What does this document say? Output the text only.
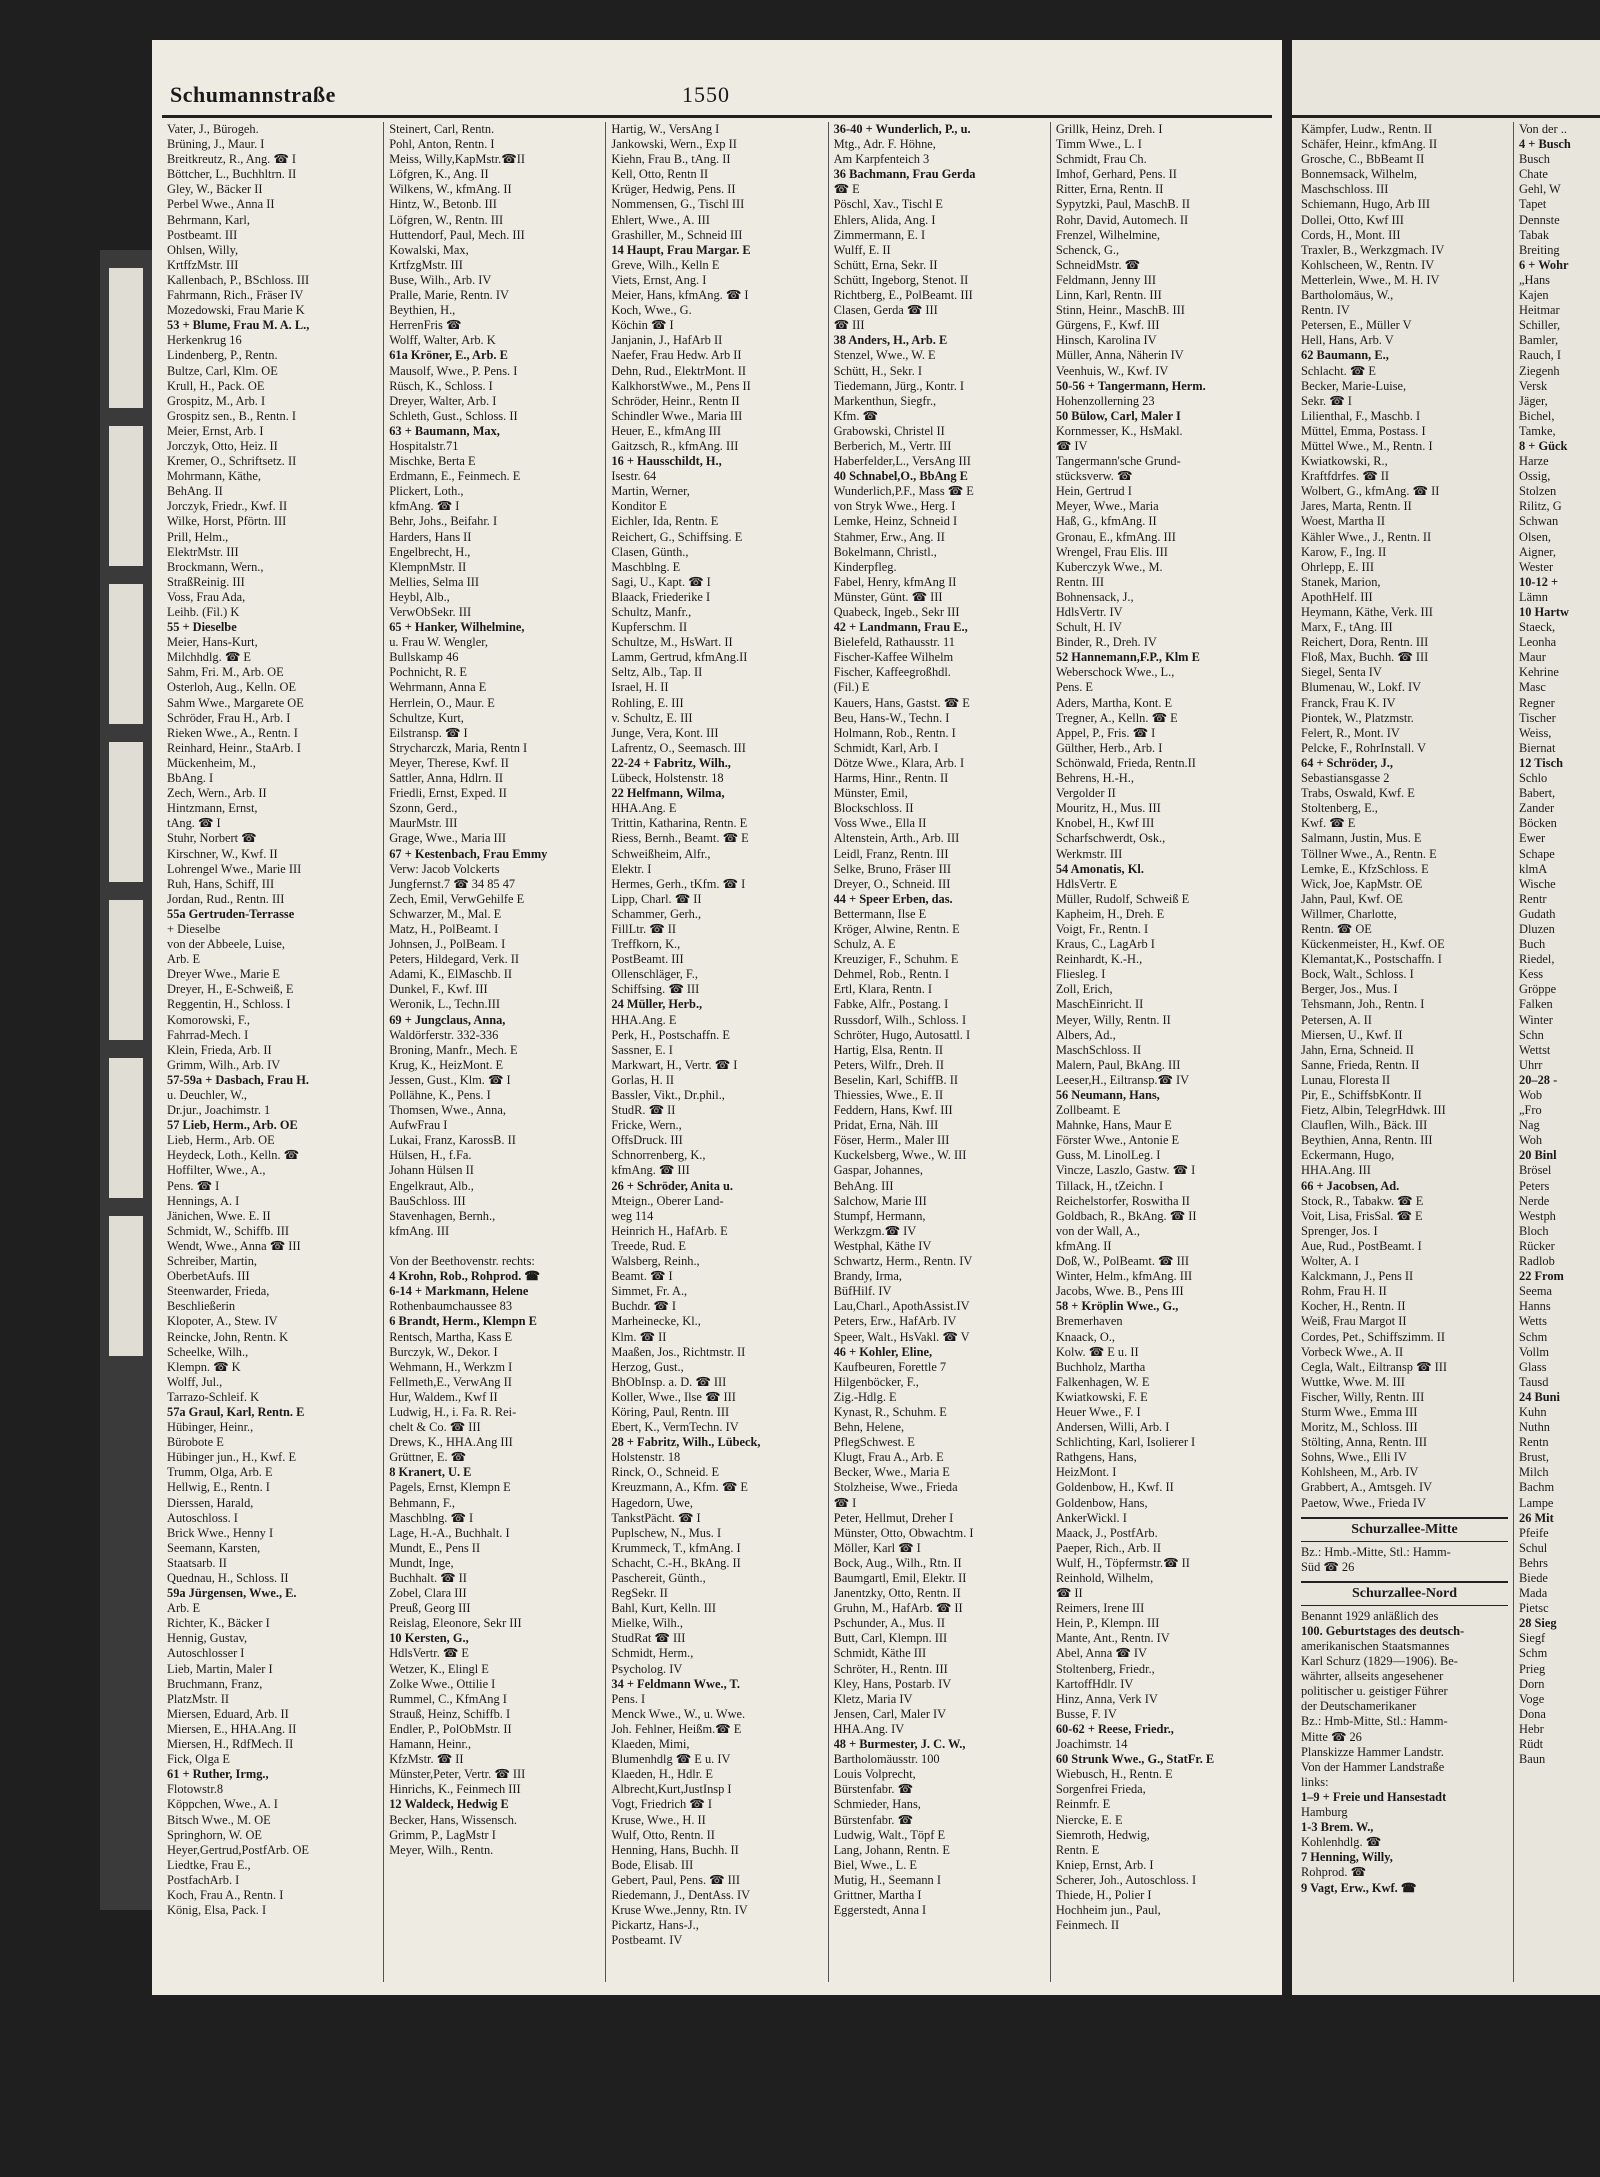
Schumannstraße	1550
Vater, J., Bürogeh.
Brüning, J., Maur. I
Breitkreutz, R., Ang. ☎ I
Böttcher, L., Buchhltrn. II
Gley, W., Bäcker II
Perbel Wwe., Anna II
Behrmann, Karl,
Postbeamt. III
Ohlsen, Willy,
KrtffzMstr. III
Kallenbach, P., BSchloss. III
Fahrmann, Rich., Fräser IV
Mozedowski, Frau Marie K
53 + Blume, Frau M. A. L.,
Herkenkrug 16
Lindenberg, P., Rentn.
Bultze, Carl, Klm. OE
Krull, H., Pack. OE
Grospitz, M., Arb. I
Grospitz sen., B., Rentn. I
Meier, Ernst, Arb. I
Jorczyk, Otto, Heiz. II
Kremer, O., Schriftsetz. II
Mohrmann, Käthe,
BehAng. II
Jorczyk, Friedr., Kwf. II
Wilke, Horst, Pförtn. III
Prill, Helm.,
ElektrMstr. III
Brockmann, Wern.,
StraßReinig. III
Voss, Frau Ada,
Leihb. (Fil.) K
55 + Dieselbe
Meier, Hans-Kurt,
Milchhdlg. ☎ E
Sahm, Fri. M., Arb. OE
Osterloh, Aug., Kelln. OE
Sahm Wwe., Margarete OE
Schröder, Frau H., Arb. I
Rieken Wwe., A., Rentn. I
Reinhard, Heinr., StaArb. I
Mückenheim, M.,
BbAng. I
Zech, Wern., Arb. II
Hintzmann, Ernst,
tAng. ☎ I
Stuhr, Norbert ☎
Kirschner, W., Kwf. II
Lohrengel Wwe., Marie III
Ruh, Hans, Schiff, III
Jordan, Rud., Rentn. III
55a Gertruden-Terrasse
+ Dieselbe
von der Abbeele, Luise,
Arb. E
Dreyer Wwe., Marie E
Dreyer, H., E-Schweiß, E
Reggentin, H., Schloss. I
Komorowski, F.,
Fahrrad-Mech. I
Klein, Frieda, Arb. II
Grimm, Wilh., Arb. IV
57-59a + Dasbach, Frau H.
u. Deuchler, W.,
Dr.jur., Joachimstr. 1
57 Lieb, Herm., Arb. OE
Lieb, Herm., Arb. OE
Heydeck, Loth., Kelln. ☎
Hoffilter, Wwe., A.,
Pens. ☎ I
Hennings, A. I
Jänichen, Wwe. E. II
Schmidt, W., Schiffb. III
Wendt, Wwe., Anna ☎ III
Schreiber, Martin,
OberbetAufs. III
Steenwarder, Frieda,
Beschließerin
Klopoter, A., Stew. IV
Reincke, John, Rentn. K
Scheelke, Wilh.,
Klempn. ☎ K
Wolff, Jul.,
Tarrazo-Schleif. K
57a Graul, Karl, Rentn. E
Hübinger, Heinr.,
Bürobote E
Hübinger jun., H., Kwf. E
Trumm, Olga, Arb. E
Hellwig, E., Rentn. I
Dierssen, Harald,
Autoschloss. I
Brick Wwe., Henny I
Seemann, Karsten,
Staatsarb. II
Quednau, H., Schloss. II
59a Jürgensen, Wwe., E.
Arb. E
Richter, K., Bäcker I
Hennig, Gustav,
Autoschlosser I
Lieb, Martin, Maler I
Bruchmann, Franz,
PlatzMstr. II
Miersen, Eduard, Arb. II
Miersen, E., HHA.Ang. II
Miersen, H., RdfMech. II
Fick, Olga E
61 + Ruther, Irmg.,
Flotowstr.8
Köppchen, Wwe., A. I
Bitsch Wwe., M. OE
Springhorn, W. OE
Heyer,Gertrud,PostfArb. OE
Liedtke, Frau E.,
PostfachArb. I
Koch, Frau A., Rentn. I
König, Elsa, Pack. I
Steinert, Carl, Rentn.
Pohl, Anton, Rentn. I
Meiss, Willy,KapMstr.☎II
Löfgren, K., Ang. II
Wilkens, W., kfmAng. II
Hintz, W., Betonb. III
Löfgren, W., Rentn. III
Huttendorf, Paul, Mech. III
Kowalski, Max,
KrtfzgMstr. III
Buse, Wilh., Arb. IV
Pralle, Marie, Rentn. IV
Beythien, H.,
HerrenFris ☎
Wolff, Walter, Arb. K
61a Kröner, E., Arb. E
Mausolf, Wwe., P. Pens. I
Rüsch, K., Schloss. I
Dreyer, Walter, Arb. I
Schleth, Gust., Schloss. II
63 + Baumann, Max,
Hospitalstr.71
Mischke, Berta E
Erdmann, E., Feinmech. E
Plickert, Loth.,
kfmAng. ☎ I
Behr, Johs., Beifahr. I
Harders, Hans II
Engelbrecht, H.,
KlempnMstr. II
Mellies, Selma III
Heybl, Alb.,
VerwObSekr. III
65 + Hanker, Wilhelmine,
u. Frau W. Wengler,
Bullskamp 46
Pochnicht, R. E
Wehrmann, Anna E
Herrlein, O., Maur. E
Schultze, Kurt,
Eilstransp. ☎ I
Strycharczk, Maria, Rentn I
Meyer, Therese, Kwf. II
Sattler, Anna, Hdlrn. II
Friedli, Ernst, Exped. II
Szonn, Gerd.,
MaurMstr. III
Grage, Wwe., Maria III
67 + Kestenbach, Frau Emmy
Verw: Jacob Volckerts
Jungfernst.7 ☎ 34 85 47
Zech, Emil, VerwGehilfe E
Schwarzer, M., Mal. E
Matz, H., PolBeamt. I
Johnsen, J., PolBeam. I
Peters, Hildegard, Verk. II
Adami, K., ElMaschb. II
Dunkel, F., Kwf. III
Weronik, L., Techn.III
69 + Jungclaus, Anna,
Waldörferstr. 332-336
Broning, Manfr., Mech. E
Krug, K., HeizMont. E
Jessen, Gust., Klm. ☎ I
Pollähne, K., Pens. I
Thomsen, Wwe., Anna,
AufwFrau I
Lukai, Franz, KarossB. II
Hülsen, H., f.Fa.
Johann Hülsen II
Engelkraut, Alb.,
BauSchloss. III
Stavenhagen, Bernh.,
kfmAng. III

Von der Beethovenstr. rechts:
4 Krohn, Rob., Rohprod. ☎
6-14 + Markmann, Helene
Rothenbaumchaussee 83
6 Brandt, Herm., Klempn E
Rentsch, Martha, Kass E
Burczyk, W., Dekor. I
Wehmann, H., Werkzm I
Fellmeth,E., VerwAng II
Hur, Waldem., Kwf II
Ludwig, H., i. Fa. R. Rei-
chelt & Co. ☎ III
Drews, K., HHA.Ang III
Grüttner, E. ☎
8 Kranert, U. E
Pagels, Ernst, Klempn E
Behmann, F.,
Maschblng. ☎ I
Lage, H.-A., Buchhalt. I
Mundt, E., Pens II
Mundt, Inge,
Buchhalt. ☎ II
Zobel, Clara III
Preuß, Georg III
Reislag, Eleonore, Sekr III
10 Kersten, G.,
HdlsVertr. ☎ E
Wetzer, K., Elingl E
Zolke Wwe., Ottilie I
Rummel, C., KfmAng I
Strauß, Heinz, Schiffb. I
Endler, P., PolObMstr. II
Hamann, Heinr.,
KfzMstr. ☎ II
Münster,Peter, Vertr. ☎ III
Hinrichs, K., Feinmech III
12 Waldeck, Hedwig E
Becker, Hans, Wissensch.
Grimm, P., LagMstr I
Meyer, Wilh., Rentn.
Hartig, W., VersAng I
Jankowski, Wern., Exp II
Kiehn, Frau B., tAng. II
Kell, Otto, Rentn II
Krüger, Hedwig, Pens. II
Nommensen, G., Tischl III
Ehlert, Wwe., A. III
Grashiller, M., Schneid III
14 Haupt, Frau Margar. E
Greve, Wilh., Kelln E
Viets, Ernst, Ang. I
Meier, Hans, kfmAng. ☎ I
Koch, Wwe., G.
Köchin ☎ I
Janjanin, J., HafArb II
Naefer, Frau Hedw. Arb II
Dehn, Rud., ElektrMont. II
KalkhorstWwe., M., Pens II
Schröder, Heinr., Rentn II
Schindler Wwe., Maria III
Heuer, E., kfmAng III
Gaitzsch, R., kfmAng. III
16 + Hausschildt, H.,
Isestr. 64
Martin, Werner,
Konditor E
Eichler, Ida, Rentn. E
Reichert, G., Schiffsing. E
Clasen, Günth.,
Maschblng. E
Sagi, U., Kapt. ☎ I
Blaack, Friederike I
Schultz, Manfr.,
Kupferschm. II
Schultze, M., HsWart. II
Lamm, Gertrud, kfmAng.II
Seltz, Alb., Tap. II
Israel, H. II
Rohling, E. III
v. Schultz, E. III
Junge, Vera, Kont. III
Lafrentz, O., Seemasch. III
22-24 + Fabritz, Wilh.,
Lübeck, Holstenstr. 18
22 Helfmann, Wilma,
HHA.Ang. E
Trittin, Katharina, Rentn. E
Riess, Bernh., Beamt. ☎ E
Schweißheim, Alfr.,
Elektr. I
Hermes, Gerh., tKfm. ☎ I
Lipp, Charl. ☎ II
Schammer, Gerh.,
FillLtr. ☎ II
Treffkorn, K.,
PostBeamt. III
Ollenschläger, F.,
Schiffsing. ☎ III
24 Müller, Herb.,
HHA.Ang. E
Perk, H., Postschaffn. E
Sassner, E. I
Markwart, H., Vertr. ☎ I
Gorlas, H. II
Bassler, Vikt., Dr.phil.,
StudR. ☎ II
Fricke, Wern.,
OffsDruck. III
Schnorrenberg, K.,
kfmAng. ☎ III
26 + Schröder, Anita u.
Mteign., Oberer Land-
weg 114
Heinrich H., HafArb. E
Treede, Rud. E
Walsberg, Reinh.,
Beamt. ☎ I
Simmet, Fr. A.,
Buchdr. ☎ I
Marheinecke, Kl.,
Klm. ☎ II
Maaßen, Jos., Richtmstr. II
Herzog, Gust.,
BhObInsp. a. D. ☎ III
Koller, Wwe., Ilse ☎ III
Köring, Paul, Rentn. III
Ebert, K., VermTechn. IV
28 + Fabritz, Wilh., Lübeck,
Holstenstr. 18
Rinck, O., Schneid. E
Kreuzmann, A., Kfm. ☎ E
Hagedorn, Uwe,
TankstPächt. ☎ I
Puplschew, N., Mus. I
Krummeck, T., kfmAng. I
Schacht, C.-H., BkAng. II
Paschereit, Günth.,
RegSekr. II
Bahl, Kurt, Kelln. III
Mielke, Wilh.,
StudRat ☎ III
Schmidt, Herm.,
Psycholog. IV
34 + Feldmann Wwe., T.
Pens. I
Menck Wwe., W., u. Wwe.
Joh. Fehlner, Heißm.☎ E
Klaeden, Mimi,
Blumenhdlg ☎ E u. IV
Klaeden, H., Hdlr. E
Albrecht,Kurt,JustInsp I
Vogt, Friedrich ☎ I
Kruse, Wwe., H. II
Wulf, Otto, Rentn. II
Henning, Hans, Buchh. II
Bode, Elisab. III
Gebert, Paul, Pens. ☎ III
Riedemann, J., DentAss. IV
Kruse Wwe.,Jenny, Rtn. IV
Pickartz, Hans-J.,
Postbeamt. IV
36-40 + Wunderlich, P., u.
Mtg., Adr. F. Höhne,
Am Karpfenteich 3
36 Bachmann, Frau Gerda
☎ E
Pöschl, Xav., Tischl E
Ehlers, Alida, Ang. I
Zimmermann, E. I
Wulff, E. II
Schütt, Erna, Sekr. II
Schütt, Ingeborg, Stenot. II
Richtberg, E., PolBeamt. III
Clasen, Gerda ☎ III
☎ III
38 Anders, H., Arb. E
Stenzel, Wwe., W. E
Schütt, H., Sekr. I
Tiedemann, Jürg., Kontr. I
Markenthun, Siegfr.,
Kfm. ☎
Grabowski, Christel II
Berberich, M., Vertr. III
Haberfelder,L., VersAng III
40 Schnabel,O., BbAng E
Wunderlich,P.F., Mass ☎ E
von Stryk Wwe., Herg. I
Lemke, Heinz, Schneid I
Stahmer, Erw., Ang. II
Bokelmann, Christl.,
Kinderpfleg.
Fabel, Henry, kfmAng II
Münster, Günt. ☎ III
Quabeck, Ingeb., Sekr III
42 + Landmann, Frau E.,
Bielefeld, Rathausstr. 11
Fischer-Kaffee Wilhelm
Fischer, Kaffeegroßhdl.
(Fil.) E
Kauers, Hans, Gastst. ☎ E
Beu, Hans-W., Techn. I
Holmann, Rob., Rentn. I
Schmidt, Karl, Arb. I
Dötze Wwe., Klara, Arb. I
Harms, Hinr., Rentn. II
Münster, Emil,
Blockschloss. II
Voss Wwe., Ella II
Altenstein, Arth., Arb. III
Leidl, Franz, Rentn. III
Selke, Bruno, Fräser III
Dreyer, O., Schneid. III
44 + Speer Erben, das.
Bettermann, Ilse E
Kröger, Alwine, Rentn. E
Schulz, A. E
Kreuziger, F., Schuhm. E
Dehmel, Rob., Rentn. I
Ertl, Klara, Rentn. I
Fabke, Alfr., Postang. I
Russdorf, Wilh., Schloss. I
Schröter, Hugo, Autosattl. I
Hartig, Elsa, Rentn. II
Peters, Wilfr., Dreh. II
Beselin, Karl, SchiffB. II
Thiessies, Wwe., E. II
Feddern, Hans, Kwf. III
Pridat, Erna, Näh. III
Föser, Herm., Maler III
Kuckelsberg, Wwe., W. III
Gaspar, Johannes,
BehAng. III
Salchow, Marie III
Stumpf, Hermann,
Werkzgm.☎ IV
Westphal, Käthe IV
Schwartz, Herm., Rentn. IV
Brandy, Irma,
BüfHilf. IV
Lau,Charl., ApothAssist.IV
Peters, Erw., HafArb. IV
Speer, Walt., HsVakl. ☎ V
46 + Kohler, Eline,
Kaufbeuren, Forettle 7
Hilgenböcker, F.,
Zig.-Hdlg. E
Kynast, R., Schuhm. E
Behn, Helene,
PflegSchwest. E
Klugt, Frau A., Arb. E
Becker, Wwe., Maria E
Stolzheise, Wwe., Frieda
☎ I
Peter, Hellmut, Dreher I
Münster, Otto, Obwachtm. I
Möller, Karl ☎ I
Bock, Aug., Wilh., Rtn. II
Baumgartl, Emil, Elektr. II
Janentzky, Otto, Rentn. II
Gruhn, M., HafArb. ☎ II
Pschunder, A., Mus. II
Butt, Carl, Klempn. III
Schmidt, Käthe III
Schröter, H., Rentn. III
Kley, Hans, Postarb. IV
Kletz, Maria IV
Jensen, Carl, Maler IV
HHA.Ang. IV
48 + Burmester, J. C. W.,
Bartholomäusstr. 100
Louis Volprecht,
Bürstenfabr. ☎
Schmieder, Hans,
Bürstenfabr. ☎
Ludwig, Walt., Töpf E
Lang, Johann, Rentn. E
Biel, Wwe., L. E
Mutig, H., Seemann I
Grittner, Martha I
Eggerstedt, Anna I
Grillk, Heinz, Dreh. I
Timm Wwe., L. I
Schmidt, Frau Ch.
Imhof, Gerhard, Pens. II
Ritter, Erna, Rentn. II
Sypytzki, Paul, MaschB. II
Rohr, David, Automech. II
Frenzel, Wilhelmine,
Schenck, G.,
SchneidMstr. ☎
Feldmann, Jenny III
Linn, Karl, Rentn. III
Stinn, Heinr., MaschB. III
Gürgens, F., Kwf. III
Hinsch, Karolina IV
Müller, Anna, Näherin IV
Veenhuis, W., Kwf. IV
50-56 + Tangermann, Herm.
Hohenzollerning 23
50 Bülow, Carl, Maler I
Kornmesser, K., HsMakl.
☎ IV
Tangermann'sche Grund-
stücksverw. ☎
Hein, Gertrud I
Meyer, Wwe., Maria
Haß, G., kfmAng. II
Gronau, E., kfmAng. III
Wrengel, Frau Elis. III
Kuberczyk Wwe., M.
Rentn. III
Bohnensack, J.,
HdlsVertr. IV
Schult, H. IV
Binder, R., Dreh. IV
52 Hannemann,F.P., Klm E
Weberschock Wwe., L.,
Pens. E
Aders, Martha, Kont. E
Tregner, A., Kelln. ☎ E
Appel, P., Fris. ☎ I
Gülther, Herb., Arb. I
Schönwald, Frieda, Rentn.II
Behrens, H.-H.,
Vergolder II
Mouritz, H., Mus. III
Knobel, H., Kwf III
Scharfschwerdt, Osk.,
Werkmstr. III
54 Amonatis, Kl.
HdlsVertr. E
Müller, Rudolf, Schweiß E
Kapheim, H., Dreh. E
Voigt, Fr., Rentn. I
Kraus, C., LagArb I
Reinhardt, K.-H.,
Fliesleg. I
Zoll, Erich,
MaschEinricht. II
Meyer, Willy, Rentn. II
Albers, Ad.,
MaschSchloss. II
Malern, Paul, BkAng. III
Leeser,H., Eiltransp.☎ IV
56 Neumann, Hans,
Zollbeamt. E
Mahnke, Hans, Maur E
Förster Wwe., Antonie E
Guss, M. LinolLeg. I
Vincze, Laszlo, Gastw. ☎ I
Tillack, H., tZeichn. I
Reichelstorfer, Roswitha II
Goldbach, R., BkAng. ☎ II
von der Wall, A.,
kfmAng. II
Doß, W., PolBeamt. ☎ III
Winter, Helm., kfmAng. III
Jacobs, Wwe. B., Pens III
58 + Kröplin Wwe., G.,
Bremerhaven
Knaack, O.,
Kolw. ☎ E u. II
Buchholz, Martha
Falkenhagen, W. E
Kwiatkowski, F. E
Heuer Wwe., F. I
Andersen, Willi, Arb. I
Schlichting, Karl, Isolierer I
Rathgens, Hans,
HeizMont. I
Goldenbow, H., Kwf. II
Goldenbow, Hans,
AnkerWickl. I
Maack, J., PostfArb.
Paeper, Rich., Arb. II
Wulf, H., Töpfermstr.☎ II
Reinhold, Wilhelm,
☎ II
Reimers, Irene III
Hein, P., Klempn. III
Mante, Ant., Rentn. IV
Abel, Anna ☎ IV
Stoltenberg, Friedr.,
KartoffHdlr. IV
Hinz, Anna, Verk IV
Busse, F. IV
60-62 + Reese, Friedr.,
Joachimstr. 14
60 Strunk Wwe., G., StatFr. E
Wiebusch, H., Rentn. E
Sorgenfrei Frieda,
Reinmfr. E
Niercke, E. E
Siemroth, Hedwig,
Rentn. E
Kniep, Ernst, Arb. I
Scherer, Joh., Autoschloss. I
Thiede, H., Polier I
Hochheim jun., Paul,
Feinmech. II
Kämpfer, Ludw., Rentn. II
Schäfer, Heinr., kfmAng. II
Grosche, C., BbBeamt II
Bonnemsack, Wilhelm,
Maschschloss. III
Schiemann, Hugo, Arb III
Dollei, Otto, Kwf III
Cords, H., Mont. III
Traxler, B., Werkzgmach. IV
Kohlscheen, W., Rentn. IV
Metterlein, Wwe., M. H. IV
Bartholomäus, W.,
Rentn. IV
Petersen, E., Müller V
Hell, Hans, Arb. V
62 Baumann, E.,
Schlacht. ☎ E
Becker, Marie-Luise,
Sekr. ☎ I
Lilienthal, F., Maschb. I
Müttel, Emma, Postass. I
Müttel Wwe., M., Rentn. I
Kwiatkowski, R.,
Kraftfdrfes. ☎ II
Wolbert, G., kfmAng. ☎ II
Jares, Marta, Rentn. II
Woest, Martha II
Kähler Wwe., J., Rentn. II
Karow, F., Ing. II
Ohrlepp, E. III
Stanek, Marion,
ApothHelf. III
Heymann, Käthe, Verk. III
Marx, F., tAng. III
Reichert, Dora, Rentn. III
Floß, Max, Buchh. ☎ III
Siegel, Senta IV
Blumenau, W., Lokf. IV
Franck, Frau K. IV
Piontek, W., Platzmstr.
Felert, R., Mont. IV
Pelcke, F., RohrInstall. V
64 + Schröder, J.,
Sebastiansgasse 2
Trabs, Oswald, Kwf. E
Stoltenberg, E.,
Kwf. ☎ E
Salmann, Justin, Mus. E
Töllner Wwe., A., Rentn. E
Lemke, E., KfzSchloss. E
Wick, Joe, KapMstr. OE
Jahn, Paul, Kwf. OE
Willmer, Charlotte,
Rentn. ☎ OE
Kückenmeister, H., Kwf. OE
Klemantat,K., Postschaffn. I
Bock, Walt., Schloss. I
Berger, Jos., Mus. I
Tehsmann, Joh., Rentn. I
Petersen, A. II
Miersen, U., Kwf. II
Jahn, Erna, Schneid. II
Sanne, Frieda, Rentn. II
Lunau, Floresta II
Pir, E., SchiffsbKontr. II
Fietz, Albin, TelegrHdwk. III
Clauflen, Wilh., Bäck. III
Beythien, Anna, Rentn. III
Eckermann, Hugo,
HHA.Ang. III
66 + Jacobsen, Ad.
Stock, R., Tabakw. ☎ E
Voit, Lisa, FrisSal. ☎ E
Sprenger, Jos. I
Aue, Rud., PostBeamt. I
Wolter, A. I
Kalckmann, J., Pens II
Rohm, Frau H. II
Kocher, H., Rentn. II
Weiß, Frau Margot II
Cordes, Pet., Schiffszimm. II
Vorbeck Wwe., A. II
Cegla, Walt., Eiltransp ☎ III
Wuttke, Wwe. M. III
Fischer, Willy, Rentn. III
Sturm Wwe., Emma III
Moritz, M., Schloss. III
Stölting, Anna, Rentn. III
Sohns, Wwe., Elli IV
Kohlsheen, M., Arb. IV
Grabbert, A., Amtsgeh. IV
Paetow, Wwe., Frieda IV
Schurzallee-Mitte
Bz.: Hmb.-Mitte, Stl.: Hamm-
Süd ☎ 26
Schurzallee-Nord
Benannt 1929 anläßlich des
100. Geburtstages des deutsch-
amerikanischen Staatsmannes
Karl Schurz (1829—1906). Be-
währter, allseits angesehener
politischer u. geistiger Führer
der Deutschamerikaner
Bz.: Hmb-Mitte, Stl.: Hamm-
Mitte ☎ 26
Planskizze Hammer Landstr.
Von der Hammer Landstraße
links:
1–9 + Freie und Hansestadt
Hamburg
1-3 Brem. W.,
Kohlenhdlg. ☎
7 Henning, Willy,
Rohprod. ☎
9 Vagt, Erw., Kwf. ☎
Von der ..
4 + Busch
Busch
Chate
Gehl, W
Tapet
Dennste
Tabak
Breiting
6 + Wohr
„Hans
Kajen
Heitmar
Schiller,
Bamler,
Rauch, I
Ziegenh
Versk
Jäger,
Bichel,
Tamke,
8 + Gück
Harze
Ossig,
Stolzen
Rilitz, G
Schwan
Olsen,
Aigner,
Wester
10-12 +
Lämn
10 Hartw
Staeck,
Leonha
Maur
Kehrine
Masc
Regner
Tischer
Weiss,
Biernat
12 Tisch
Schlo
Babert,
Zander
Böcken
Ewer
Schape
klmA
Wische
Rentr
Gudath
Dluzen
Buch
Riedel,
Kess
Gröppe
Falken
Winter
Schn
Wettst
Uhrr
20–28 -
Wob
„Fro
Nag
Woh
20 Binl
Brösel
Peters
Nerde
Westph
Bloch
Rücker
Radlob
22 From
Seema
Hanns
Wetts
Schm
Vollm
Glass
Tausd
24 Buni
Kuhn
Nuthn
Rentn
Brust,
Milch
Bachm
Lampe
26 Mit
Pfeife
Schul
Behrs
Biede
Mada
Pietsc
28 Sieg
Siegf
Schm
Prieg
Dorn
Voge
Dona
Hebr
Rüdt
Baun
